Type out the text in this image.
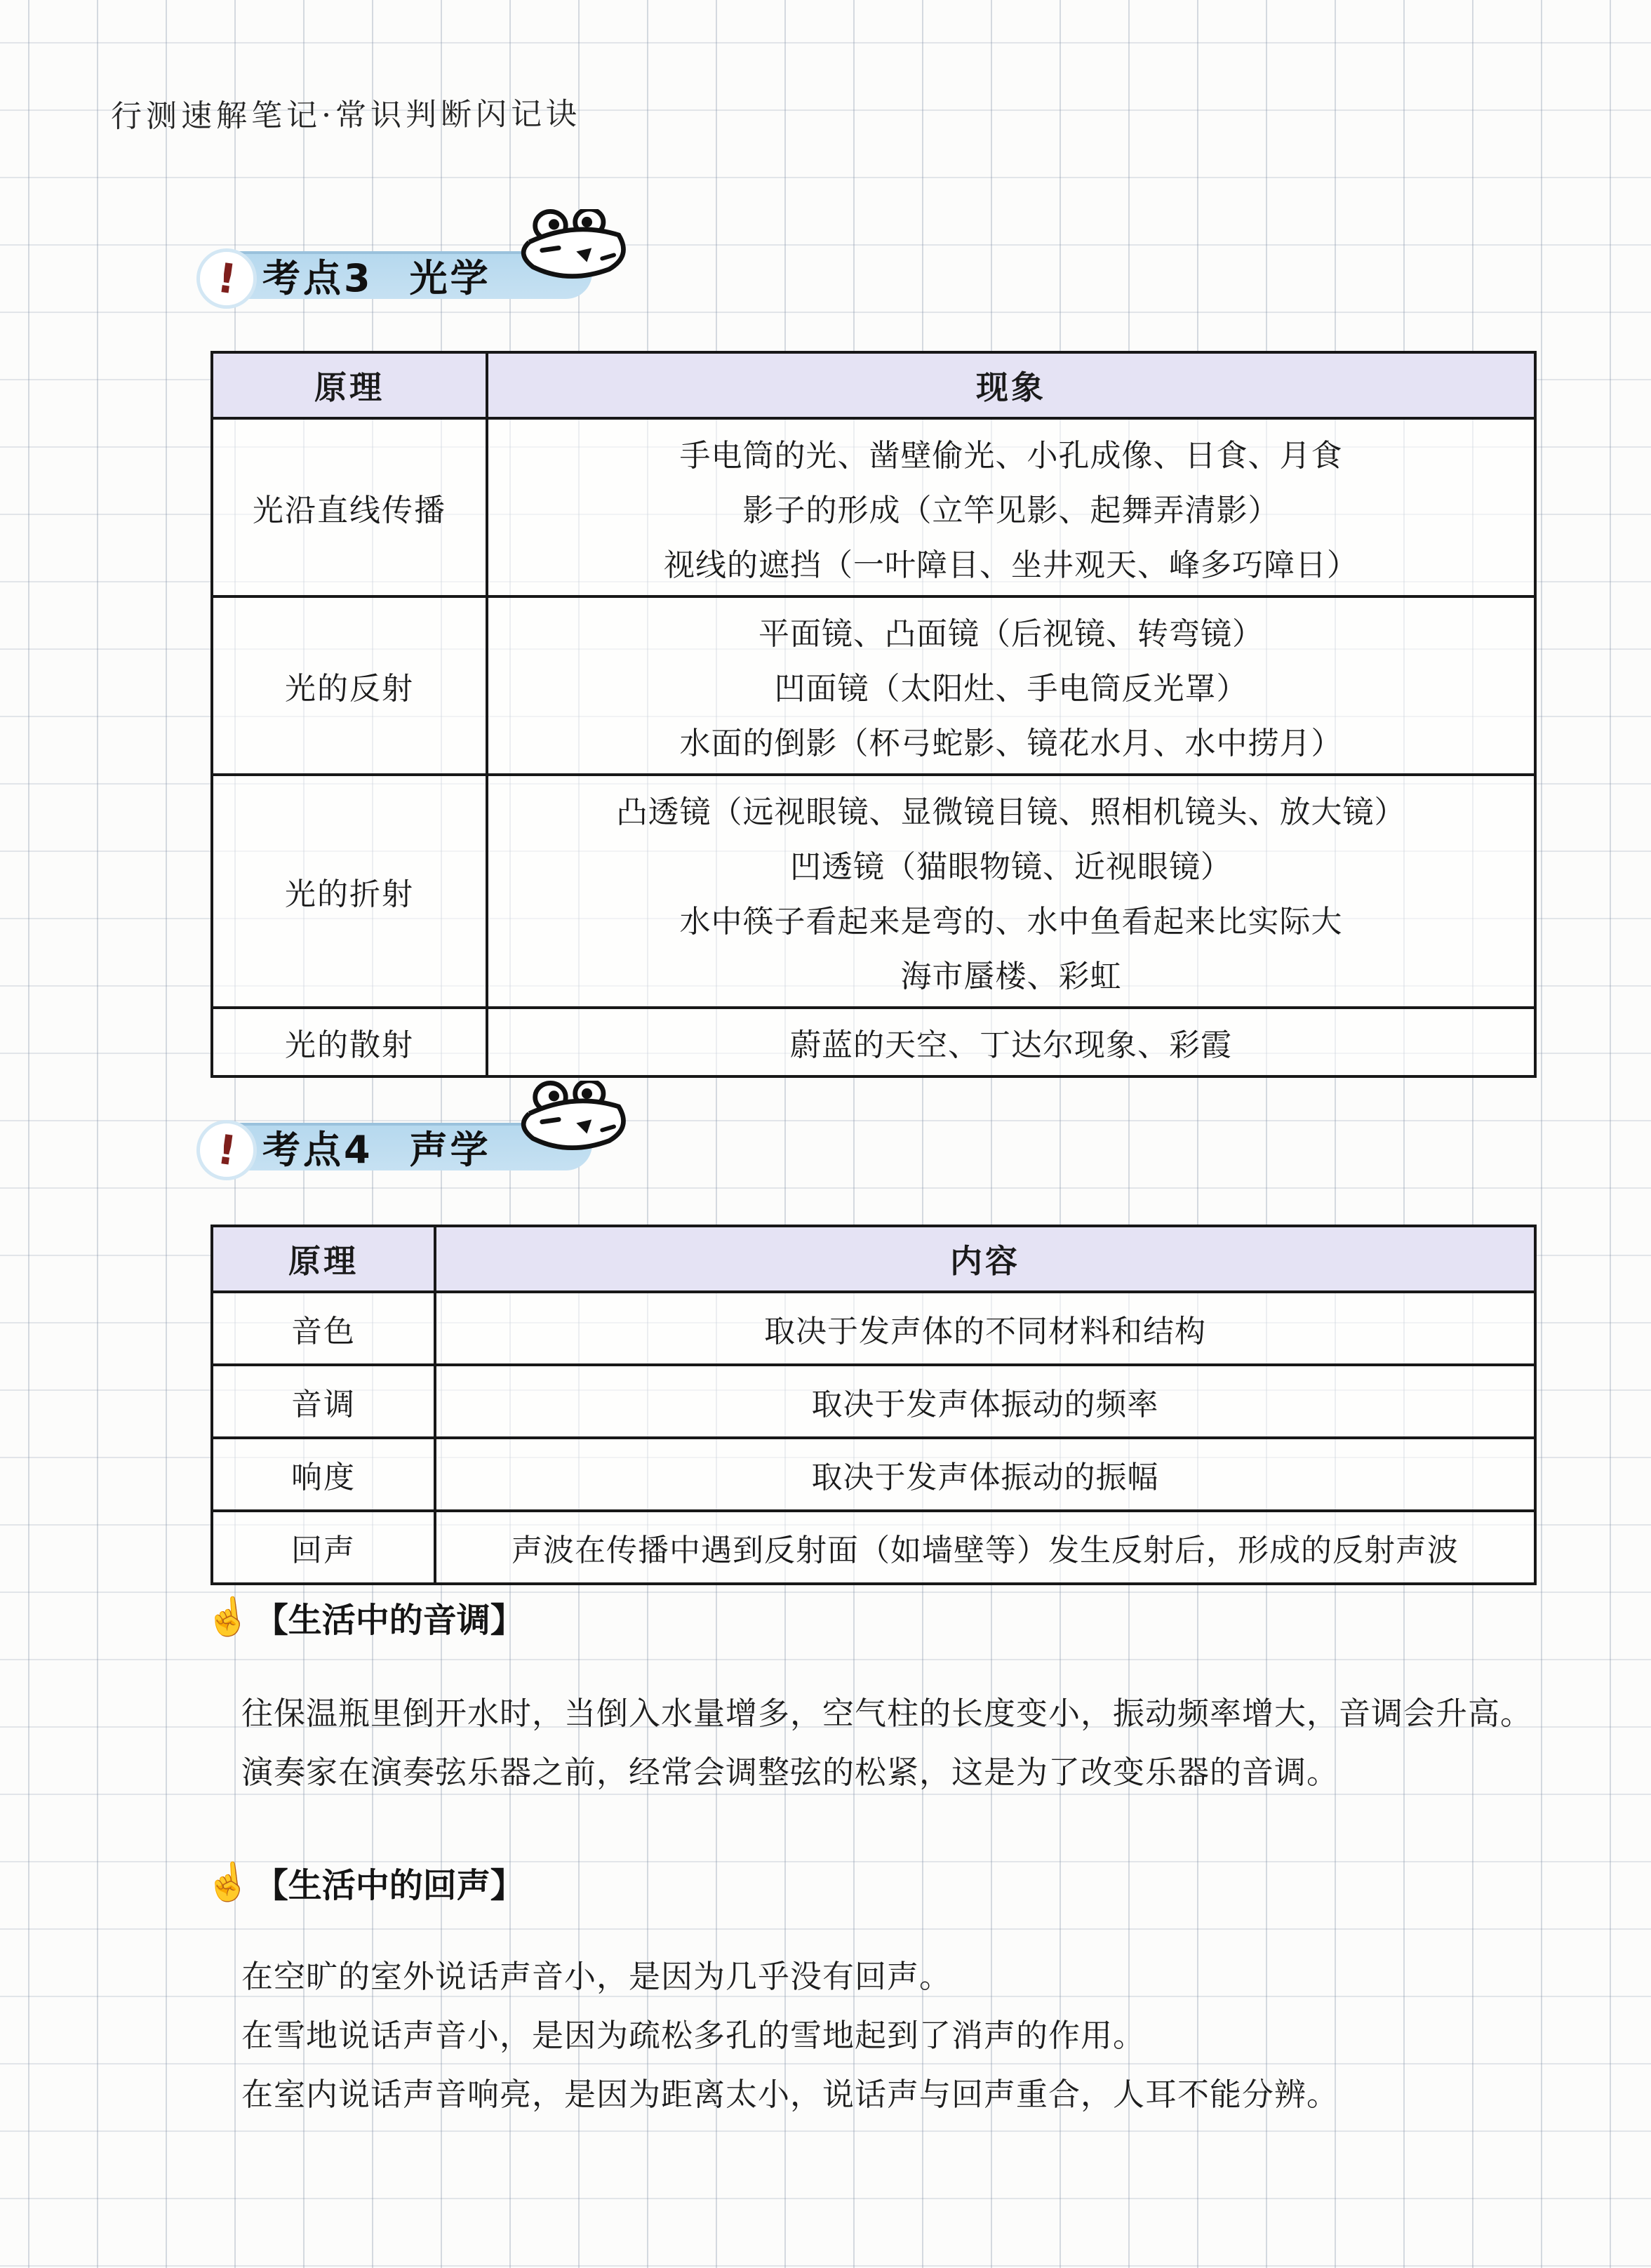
行测速解笔记·常识判断闪记诀
! 考点3 光学
原理	现象
光沿直线传播	手电筒的光、凿壁偷光、小孔成像、日食、月食
影子的形成（立竿见影、起舞弄清影）
视线的遮挡（一叶障目、坐井观天、峰多巧障日）

光的反射	平面镜、凸面镜（后视镜、转弯镜）
凹面镜（太阳灶、手电筒反光罩）
水面的倒影（杯弓蛇影、镜花水月、水中捞月）

光的折射	凸透镜（远视眼镜、显微镜目镜、照相机镜头、放大镜）
凹透镜（猫眼物镜、近视眼镜）
水中筷子看起来是弯的、水中鱼看起来比实际大
海市蜃楼、彩虹

光的散射	蔚蓝的天空、丁达尔现象、彩霞
! 考点4 声学
原理	内容
音色	取决于发声体的不同材料和结构

音调	取决于发声体振动的频率

响度	取决于发声体振动的振幅

回声	声波在传播中遇到反射面（如墙壁等）发生反射后，形成的反射声波
☝ 【生活中的音调】
往保温瓶里倒开水时，当倒入水量增多，空气柱的长度变小，振动频率增大，音调会升高。
演奏家在演奏弦乐器之前，经常会调整弦的松紧，这是为了改变乐器的音调。
☝ 【生活中的回声】
在空旷的室外说话声音小，是因为几乎没有回声。
在雪地说话声音小，是因为疏松多孔的雪地起到了消声的作用。
在室内说话声音响亮，是因为距离太小，说话声与回声重合，人耳不能分辨。
